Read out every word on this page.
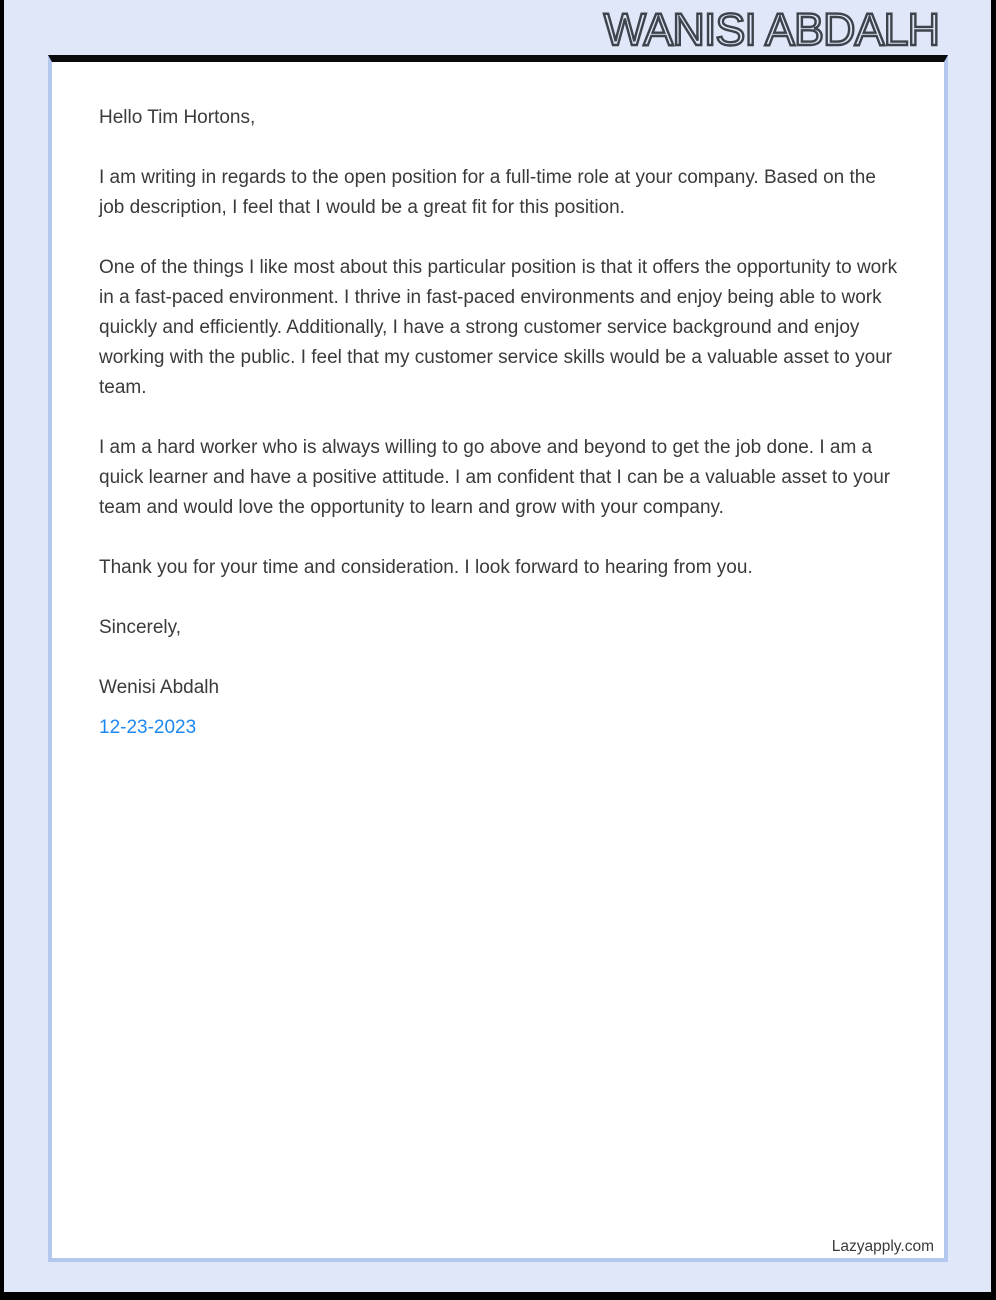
WANISI ABDALH

Hello Tim Hortons,

I am writing in regards to the open position for a full-time role at your company. Based on the job description, I feel that I would be a great fit for this position.

One of the things I like most about this particular position is that it offers the opportunity to work in a fast-paced environment. I thrive in fast-paced environments and enjoy being able to work quickly and efficiently. Additionally, I have a strong customer service background and enjoy working with the public. I feel that my customer service skills would be a valuable asset to your team.

I am a hard worker who is always willing to go above and beyond to get the job done. I am a quick learner and have a positive attitude. I am confident that I can be a valuable asset to your team and would love the opportunity to learn and grow with your company.

Thank you for your time and consideration. I look forward to hearing from you.

Sincerely,

Wenisi Abdalh

12-23-2023

Lazyapply.com
